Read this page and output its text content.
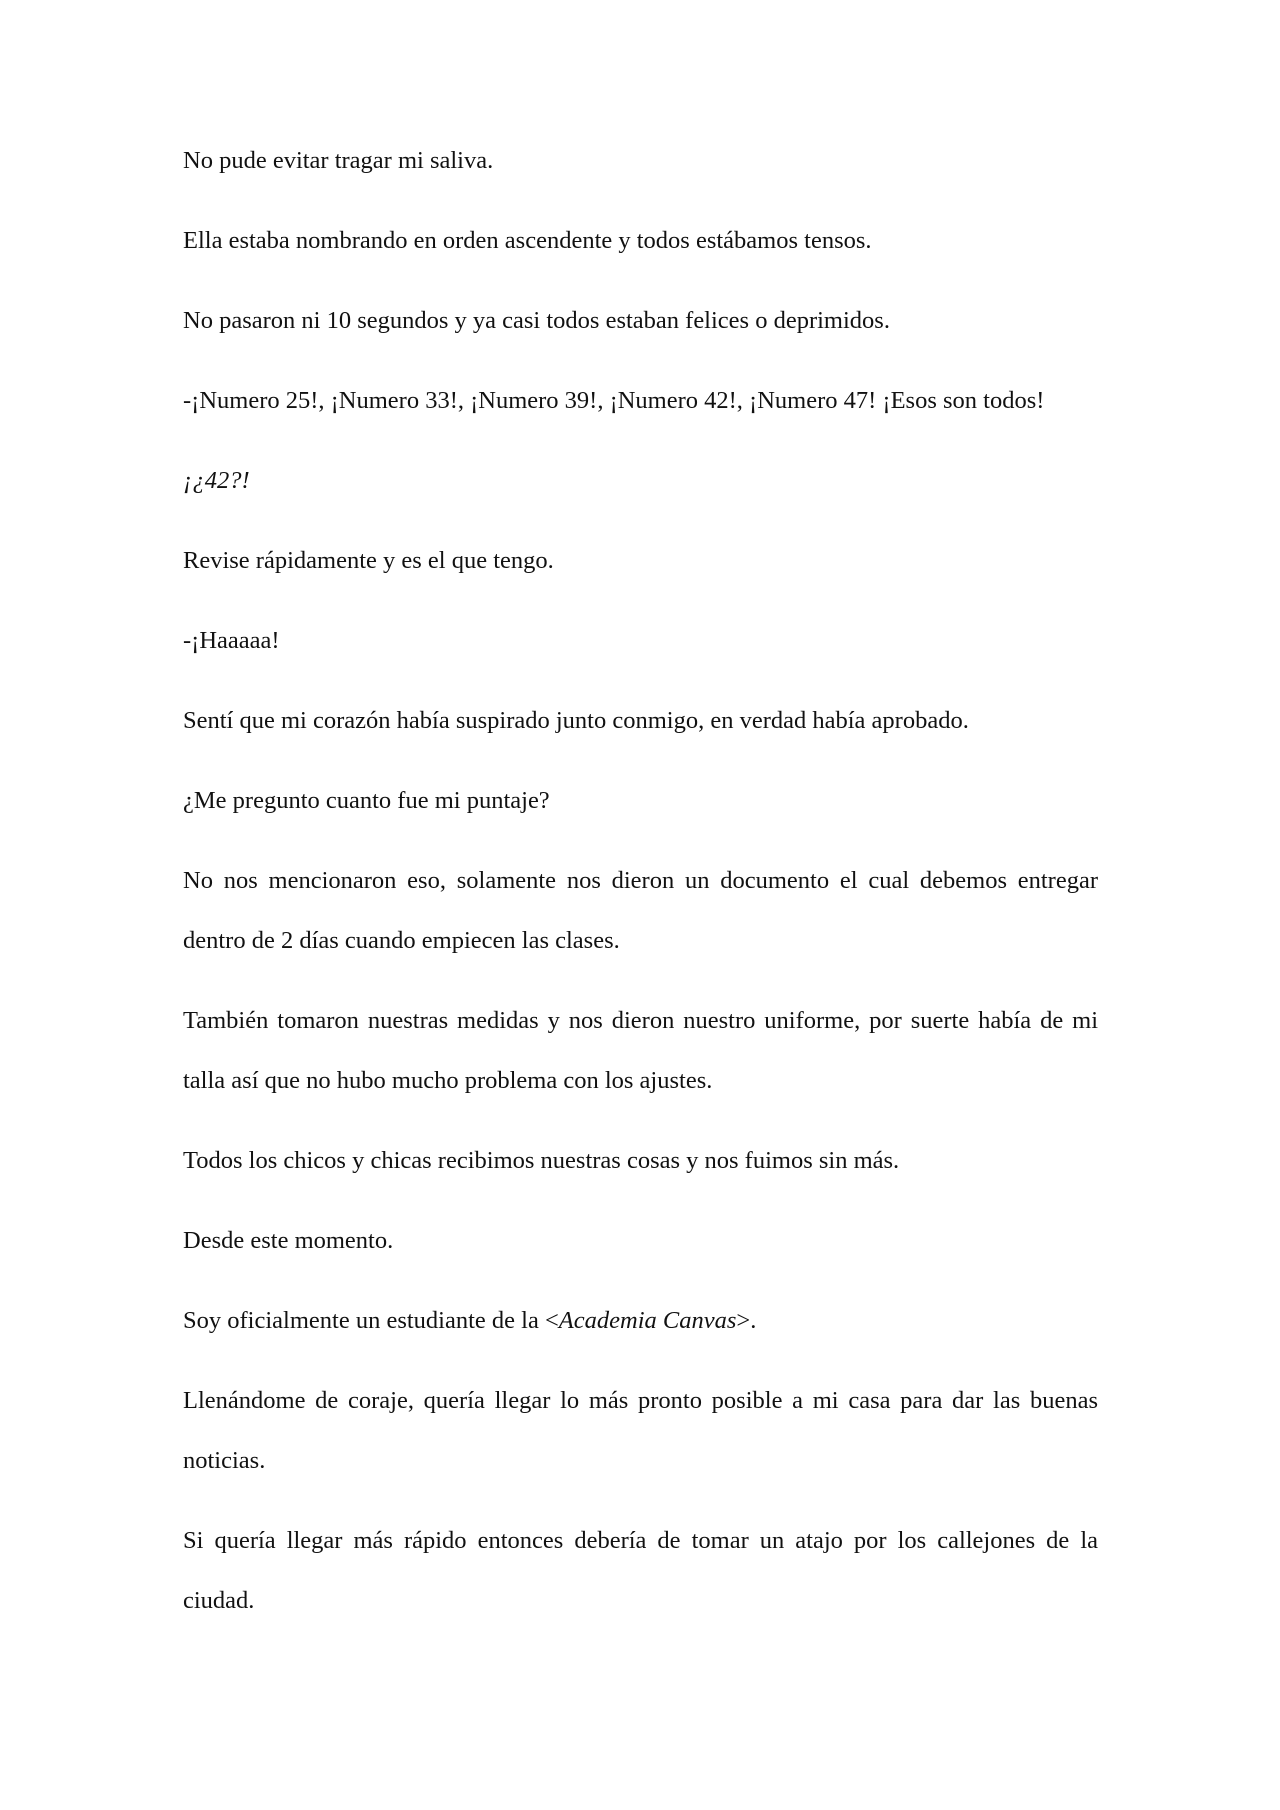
No pude evitar tragar mi saliva.

Ella estaba nombrando en orden ascendente y todos estábamos tensos.

No pasaron ni 10 segundos y ya casi todos estaban felices o deprimidos.

-¡Numero 25!, ¡Numero 33!, ¡Numero 39!, ¡Numero 42!, ¡Numero 47! ¡Esos son todos!

¡¿42?!

Revise rápidamente y es el que tengo.

-¡Haaaaa!

Sentí que mi corazón había suspirado junto conmigo, en verdad había aprobado.

¿Me pregunto cuanto fue mi puntaje?

No nos mencionaron eso, solamente nos dieron un documento el cual debemos entregar dentro de 2 días cuando empiecen las clases.

También tomaron nuestras medidas y nos dieron nuestro uniforme, por suerte había de mi talla así que no hubo mucho problema con los ajustes.

Todos los chicos y chicas recibimos nuestras cosas y nos fuimos sin más.

Desde este momento.

Soy oficialmente un estudiante de la <Academia Canvas>.

Llenándome de coraje, quería llegar lo más pronto posible a mi casa para dar las buenas noticias.

Si quería llegar más rápido entonces debería de tomar un atajo por los callejones de la ciudad.
